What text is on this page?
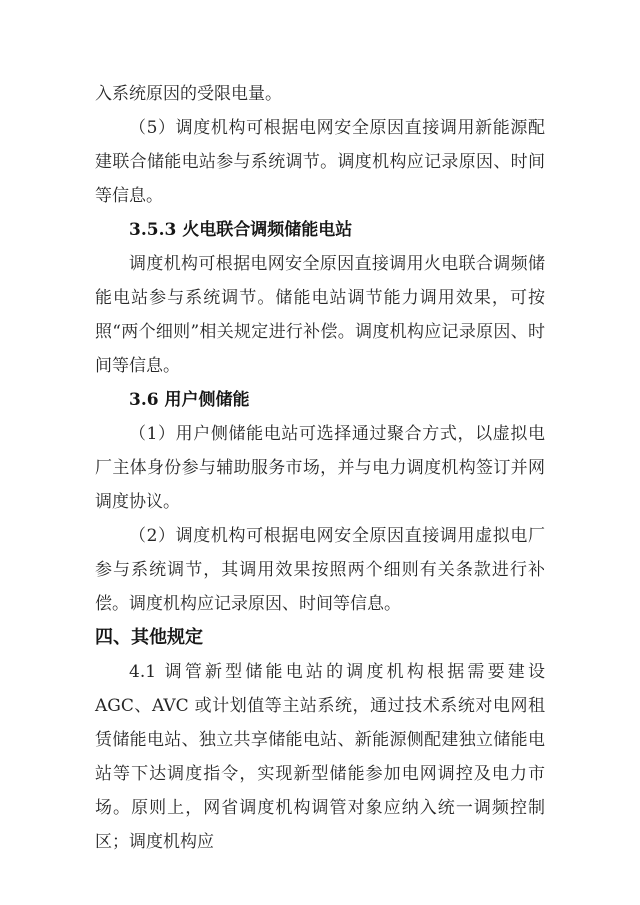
入系统原因的受限电量。

（5）调度机构可根据电网安全原因直接调用新能源配建联合储能电站参与系统调节。调度机构应记录原因、时间等信息。

3.5.3 火电联合调频储能电站

调度机构可根据电网安全原因直接调用火电联合调频储能电站参与系统调节。储能电站调节能力调用效果，可按照“两个细则”相关规定进行补偿。调度机构应记录原因、时间等信息。

3.6 用户侧储能

（1）用户侧储能电站可选择通过聚合方式，以虚拟电厂主体身份参与辅助服务市场，并与电力调度机构签订并网调度协议。

（2）调度机构可根据电网安全原因直接调用虚拟电厂参与系统调节，其调用效果按照两个细则有关条款进行补偿。调度机构应记录原因、时间等信息。

四、其他规定

4.1 调管新型储能电站的调度机构根据需要建设 AGC、AVC 或计划值等主站系统，通过技术系统对电网租赁储能电站、独立共享储能电站、新能源侧配建独立储能电站等下达调度指令，实现新型储能参加电网调控及电力市场。原则上，网省调度机构调管对象应纳入统一调频控制区；调度机构应
